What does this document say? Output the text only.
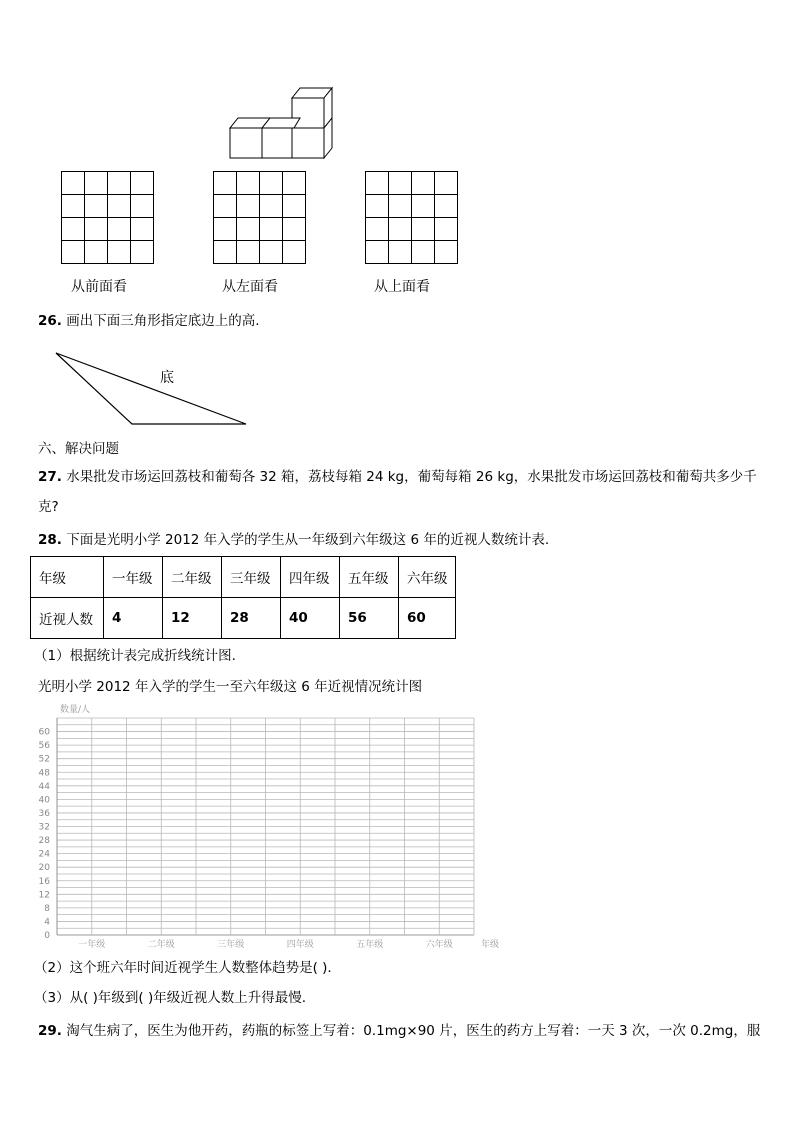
从前面看	从左面看	从上面看
26. 画出下面三角形指定底边上的高.
底
六、解决问题
27. 水果批发市场运回荔枝和葡萄各 32 箱，荔枝每箱 24 kg，葡萄每箱 26 kg，水果批发市场运回荔枝和葡萄共多少千
克?
28. 下面是光明小学 2012 年入学的学生从一年级到六年级这 6 年的近视人数统计表.
年级	一年级	二年级	三年级	四年级	五年级	六年级
近视人数	4	12	28	40	56	60
（1）根据统计表完成折线统计图.
光明小学 2012 年入学的学生一至六年级这 6 年近视情况统计图
0
4
8
12
16
20
24
28
32
36
40
44
48
52
56
60
一年级	二年级	三年级	四年级	五年级	六年级	年级
数量/人
（2）这个班六年时间近视学生人数整体趋势是( ).
（3）从( )年级到( )年级近视人数上升得最慢.
29. 淘气生病了，医生为他开药，药瓶的标签上写着：0.1mg×90 片，医生的药方上写着：一天 3 次，一次 0.2mg，服
